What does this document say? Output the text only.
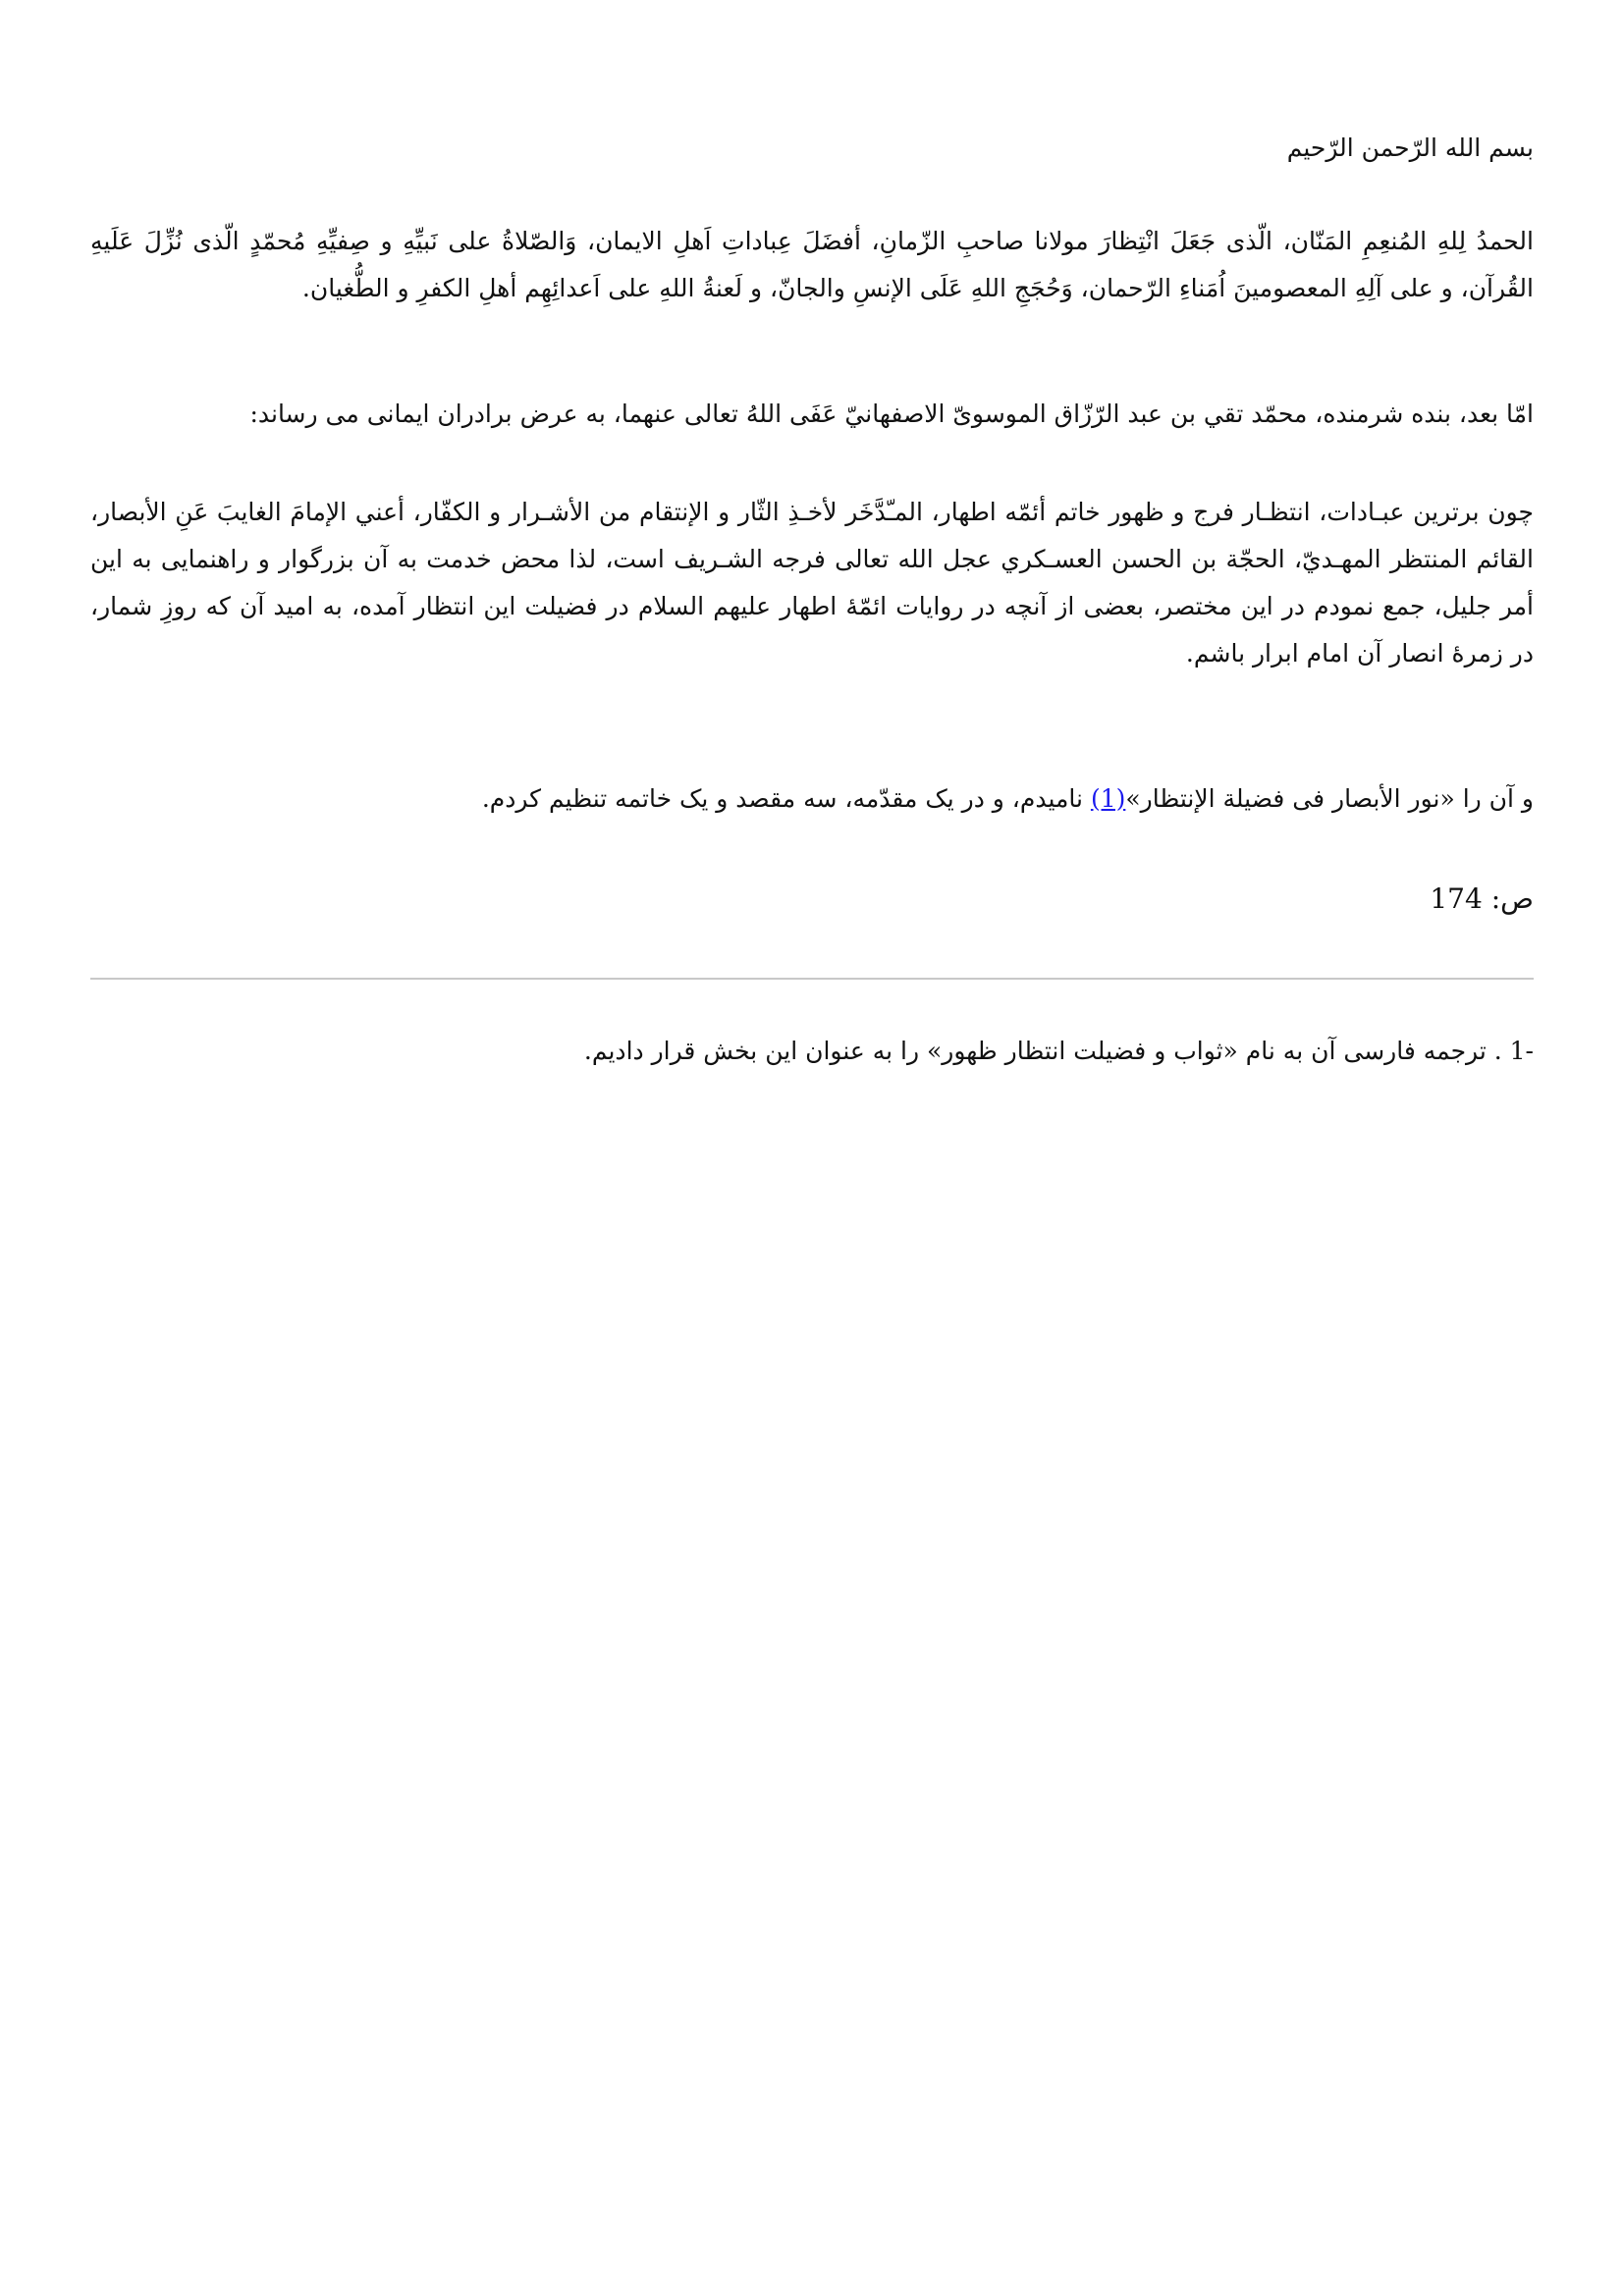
بسم الله الرّحمن الرّحيم

الحمدُ لِلهِ المُنعِمِ المَنّان، الّذى جَعَلَ انْتِظارَ مولانا صاحبِ الزّمانِ، أفضَلَ عِباداتِ اَهلِ الايمان، وَالصّلاةُ على نَبيِّهِ و صِفيِّهِ مُحمّدٍ الّذى نُزِّلَ عَلَيهِ القُرآن، و على آلِهِ المعصومينَ اُمَناءِ الرّحمان، وَحُجَجِ اللهِ عَلَى الإنسِ والجانّ، و لَعنةُ اللهِ على اَعدائِهِم أهلِ الكفرِ و الطُّغيان.

امّا بعد، بنده شرمنده، محمّد تقي بن عبد الرّزّاق الموسوىّ الاصفهانيّ عَفَى اللهُ تعالى عنهما، به عرض برادران ايمانى مى رساند:

چون برترين عبـادات، انتظـار فرج و ظهور خاتم أئمّه اطهار، المـّدَّخَر لأخـذِ الثّار و الإنتقام من الأشـرار و الكفّار، أعني الإمامَ الغايبَ عَنِ الأبصار، القائم المنتظر المهـديّ، الحجّة بن الحسن العسـكري عجل الله تعالى فرجه الشـريف است، لذا محض خدمت به آن بزرگوار و راهنمايى به اين أمر جليل، جمع نمودم در اين مختصر، بعضى از آنچه در روايات ائمّهٔ اطهار عليهم السلام در فضيلت اين انتظار آمده، به اميد آن كه روزِ شمار، در زمرهٔ انصار آن امام ابرار باشم.

و آن را «نور الأبصار فى فضيلة الإنتظار»(1) ناميدم، و در يک مقدّمه، سه مقصد و يک خاتمه تنظيم كردم.

ص: 174

1- . ترجمه فارسى آن به نام «ثواب و فضيلت انتظار ظهور» را به عنوان اين بخش قرار داديم.
